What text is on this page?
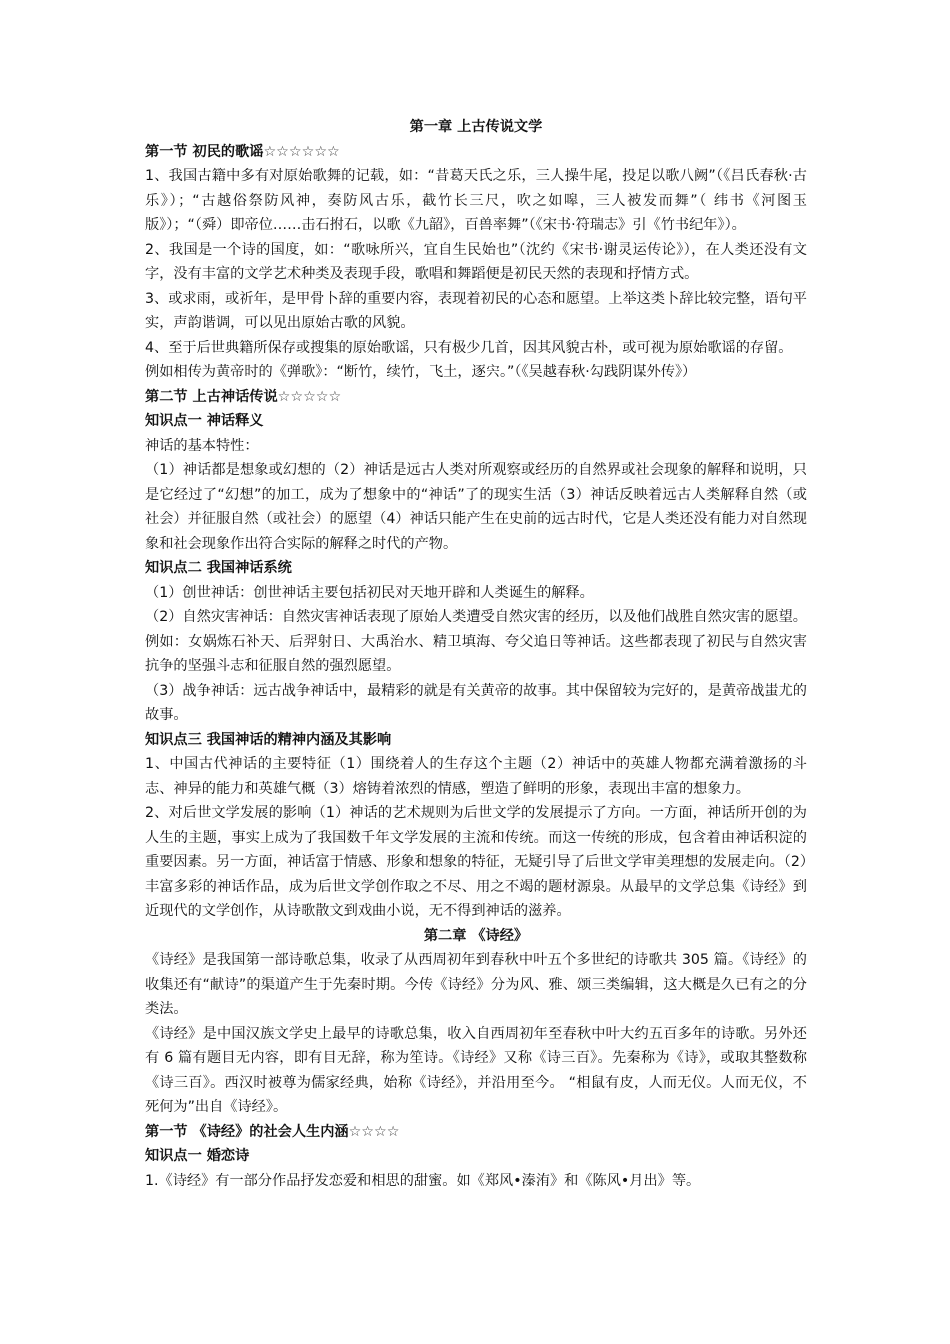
第一章 上古传说文学
第一节 初民的歌谣☆☆☆☆☆☆

1、我国古籍中多有对原始歌舞的记载，如：“昔葛天氏之乐，三人操牛尾，投足以歌八阙”（《吕氏春秋·古乐》）；“古越俗祭防风神，奏防风古乐，截竹长三尺，吹之如嗥，三人被发而舞”（ 纬书《河图玉版》）；“（舜）即帝位……击石拊石，以歌《九韶》，百兽率舞”（《宋书·符瑞志》引《竹书纪年》）。

2、我国是一个诗的国度，如：“歌咏所兴，宜自生民始也”（沈约《宋书·谢灵运传论》），在人类还没有文字，没有丰富的文学艺术种类及表现手段，歌唱和舞蹈便是初民天然的表现和抒情方式。

3、或求雨，或祈年，是甲骨卜辞的重要内容，表现着初民的心态和愿望。上举这类卜辞比较完整，语句平实，声韵谐调，可以见出原始古歌的风貌。

4、至于后世典籍所保存或搜集的原始歌谣，只有极少几首，因其风貌古朴，或可视为原始歌谣的存留。

例如相传为黄帝时的《弹歌》：“断竹，续竹，飞土，逐宍。”（《吴越春秋·勾践阴谋外传》）

第二节 上古神话传说☆☆☆☆☆
知识点一 神话释义

神话的基本特性：

（1）神话都是想象或幻想的（2）神话是远古人类对所观察或经历的自然界或社会现象的解释和说明，只是它经过了“幻想”的加工，成为了想象中的“神话”了的现实生活（3）神话反映着远古人类解释自然（或社会）并征服自然（或社会）的愿望（4）神话只能产生在史前的远古时代，它是人类还没有能力对自然现象和社会现象作出符合实际的解释之时代的产物。

知识点二 我国神话系统

（1）创世神话：创世神话主要包括初民对天地开辟和人类诞生的解释。

（2）自然灾害神话：自然灾害神话表现了原始人类遭受自然灾害的经历，以及他们战胜自然灾害的愿望。例如：女娲炼石补天、后羿射日、大禹治水、精卫填海、夸父追日等神话。这些都表现了初民与自然灾害抗争的坚强斗志和征服自然的强烈愿望。

（3）战争神话：远古战争神话中，最精彩的就是有关黄帝的故事。其中保留较为完好的，是黄帝战蚩尤的故事。

知识点三 我国神话的精神内涵及其影响

1、中国古代神话的主要特征（1）围绕着人的生存这个主题（2）神话中的英雄人物都充满着激扬的斗志、神异的能力和英雄气概（3）熔铸着浓烈的情感，塑造了鲜明的形象，表现出丰富的想象力。

2、对后世文学发展的影响（1）神话的艺术规则为后世文学的发展提示了方向。一方面，神话所开创的为人生的主题，事实上成为了我国数千年文学发展的主流和传统。而这一传统的形成，包含着由神话积淀的重要因素。另一方面，神话富于情感、形象和想象的特征，无疑引导了后世文学审美理想的发展走向。（2）丰富多彩的神话作品，成为后世文学创作取之不尽、用之不竭的题材源泉。从最早的文学总集《诗经》到近现代的文学创作，从诗歌散文到戏曲小说，无不得到神话的滋养。

第二章 《诗经》

《诗经》是我国第一部诗歌总集，收录了从西周初年到春秋中叶五个多世纪的诗歌共 305 篇。《诗经》的收集还有“献诗”的渠道产生于先秦时期。今传《诗经》分为风、雅、颂三类编辑，这大概是久已有之的分类法。

《诗经》是中国汉族文学史上最早的诗歌总集，收入自西周初年至春秋中叶大约五百多年的诗歌。另外还有 6 篇有题目无内容，即有目无辞，称为笙诗。《诗经》又称《诗三百》。先秦称为《诗》，或取其整数称《诗三百》。西汉时被尊为儒家经典，始称《诗经》，并沿用至今。 “相鼠有皮，人而无仪。人而无仪，不死何为”出自《诗经》。

第一节 《诗经》的社会人生内涵☆☆☆☆
知识点一 婚恋诗

1.《诗经》有一部分作品抒发恋爱和相思的甜蜜。如《郑风•溱洧》和《陈风•月出》等。
